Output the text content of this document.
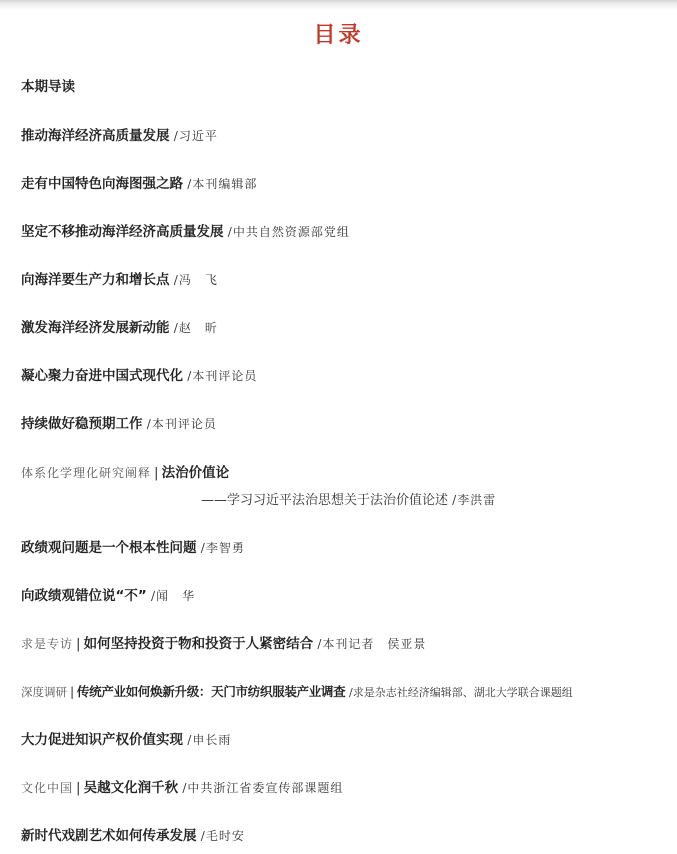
目录
本期导读
推动海洋经济高质量发展 /习近平
走有中国特色向海图强之路 /本刊编辑部
坚定不移推动海洋经济高质量发展 /中共自然资源部党组
向海洋要生产力和增长点 /冯　飞
激发海洋经济发展新动能 /赵　昕
凝心聚力奋进中国式现代化 /本刊评论员
持续做好稳预期工作 /本刊评论员
体系化学理化研究阐释 | 法治价值论
——学习习近平法治思想关于法治价值论述 /李洪雷
政绩观问题是一个根本性问题 /李智勇
向政绩观错位说“不” /闻　华
求是专访 | 如何坚持投资于物和投资于人紧密结合 /本刊记者　侯亚景
深度调研 | 传统产业如何焕新升级：天门市纺织服装产业调查 /求是杂志社经济编辑部、湖北大学联合课题组
大力促进知识产权价值实现 /申长雨
文化中国 | 吴越文化润千秋 /中共浙江省委宣传部课题组
新时代戏剧艺术如何传承发展 /毛时安
